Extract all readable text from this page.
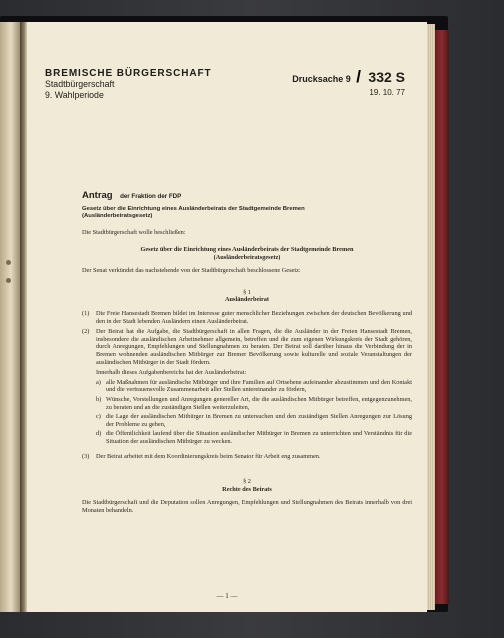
BREMISCHE BÜRGERSCHAFT
Stadtbürgerschaft
9. Wahlperiode
Drucksache 9 / 332 S
19. 10. 77
Antrag der Fraktion der FDP
Gesetz über die Einrichtung eines Ausländerbeirats der Stadtgemeinde Bremen
(Ausländerbeiratsgesetz)
Die Stadtbürgerschaft wolle beschließen:
Gesetz über die Einrichtung eines Ausländerbeirats der Stadtgemeinde Bremen
(Ausländerbeiratsgesetz)
Der Senat verkündet das nachstehende von der Stadtbürgerschaft beschlossene Gesetz:
§ 1
Ausländerbeirat
(1)	Die Freie Hansestadt Bremen bildet im Interesse guter menschlicher Beziehungen zwischen der deutschen Bevölkerung und den in der Stadt lebenden Ausländern einen Ausländerbeirat.
(2)	Der Beirat hat die Aufgabe, die Stadtbürgerschaft in allen Fragen, die die Ausländer in der Freien Hansestadt Bremen, insbesondere die ausländischen Arbeitnehmer allgemein, betreffen und die zum eigenen Wirkungskreis der Stadt gehören, durch Anregungen, Empfehlungen und Stellungnahmen zu beraten. Der Beirat soll darüber hinaus die Verbindung der in Bremen wohnenden ausländischen Mitbürger zur Bremer Bevölkerung sowie kulturelle und soziale Veranstaltungen der ausländischen Mitbürger in der Stadt fördern.
Innerhalb dieses Aufgabenbereichs hat der Ausländerbeirat:
a) alle Maßnahmen für ausländische Mitbürger und ihre Familien auf Ortsebene aufeinander abzustimmen und den Kontakt und die vertrauensvolle Zusammenarbeit aller Stellen untereinander zu fördern,
b) Wünsche, Vorstellungen und Anregungen genereller Art, die die ausländischen Mitbürger betreffen, entgegenzunehmen, zu beraten und an die zuständigen Stellen weiterzuleiten,
c) die Lage der ausländischen Mitbürger in Bremen zu untersuchen und den zuständigen Stellen Anregungen zur Lösung der Probleme zu geben,
d) die Öffentlichkeit laufend über die Situation ausländischer Mitbürger in Bremen zu unterrichten und Verständnis für die Situation der ausländischen Mitbürger zu wecken.
(3)	Der Beirat arbeitet mit dem Koordinierungskreis beim Senator für Arbeit eng zusammen.
§ 2
Rechte des Beirats
Die Stadtbürgerschaft und die Deputation sollen Anregungen, Empfehlungen und Stellungnahmen des Beirats innerhalb von drei Monaten behandeln.
— 1 —
